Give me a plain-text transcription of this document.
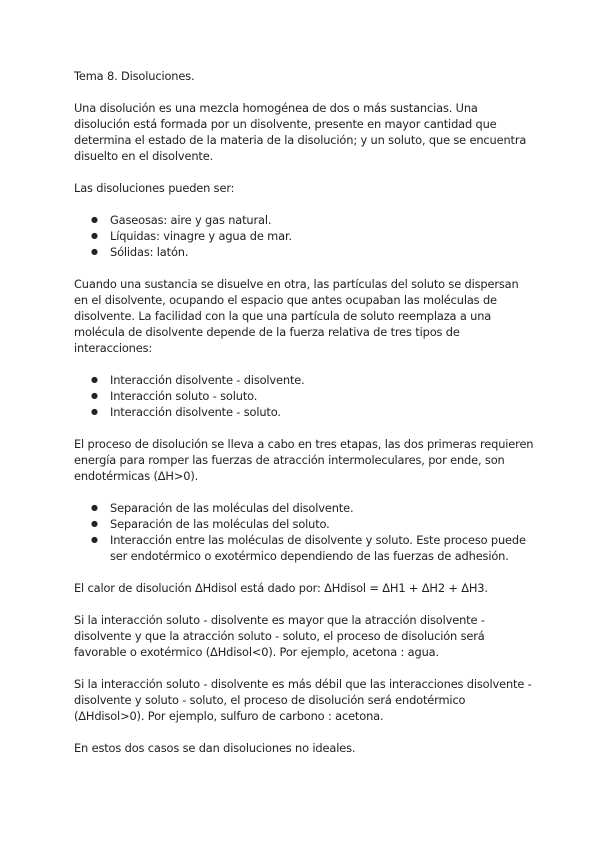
Tema 8. Disoluciones.

Una disolución es una mezcla homogénea de dos o más sustancias. Una disolución está formada por un disolvente, presente en mayor cantidad que determina el estado de la materia de la disolución; y un soluto, que se encuentra disuelto en el disolvente.

Las disoluciones pueden ser:

● Gaseosas: aire y gas natural.
● Líquidas: vinagre y agua de mar.
● Sólidas: latón.

Cuando una sustancia se disuelve en otra, las partículas del soluto se dispersan en el disolvente, ocupando el espacio que antes ocupaban las moléculas de disolvente. La facilidad con la que una partícula de soluto reemplaza a una molécula de disolvente depende de la fuerza relativa de tres tipos de interacciones:

● Interacción disolvente - disolvente.
● Interacción soluto - soluto.
● Interacción disolvente - soluto.

El proceso de disolución se lleva a cabo en tres etapas, las dos primeras requieren energía para romper las fuerzas de atracción intermoleculares, por ende, son endotérmicas (ΔH>0).

● Separación de las moléculas del disolvente.
● Separación de las moléculas del soluto.
● Interacción entre las moléculas de disolvente y soluto. Este proceso puede ser endotérmico o exotérmico dependiendo de las fuerzas de adhesión.

El calor de disolución ΔHdisol está dado por: ΔHdisol = ΔH1 + ΔH2 + ΔH3.

Si la interacción soluto - disolvente es mayor que la atracción disolvente - disolvente y que la atracción soluto - soluto, el proceso de disolución será favorable o exotérmico (ΔHdisol<0). Por ejemplo, acetona : agua.

Si la interacción soluto - disolvente es más débil que las interacciones disolvente - disolvente y soluto - soluto, el proceso de disolución será endotérmico (ΔHdisol>0). Por ejemplo, sulfuro de carbono : acetona.

En estos dos casos se dan disoluciones no ideales.
